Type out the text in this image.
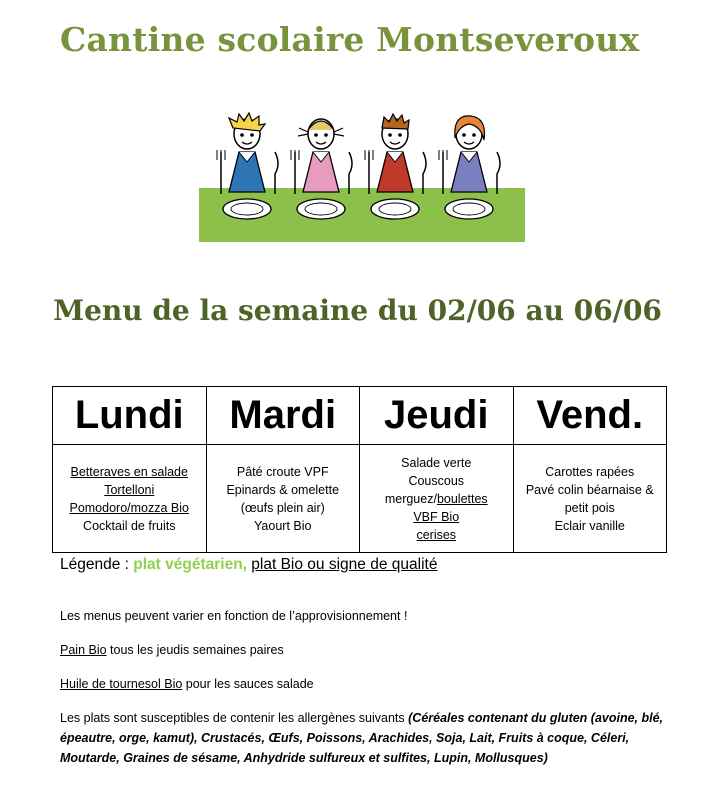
Cantine scolaire Montseveroux
Menu de la semaine du 02/06 au 06/06
Lundi	Mardi	Jeudi	Vend.

Betteraves en salade
Tortelloni
Pomodoro/mozza Bio
Cocktail de fruits	Pâté croute VPF
Epinards & omelette
(œufs plein air)
Yaourt Bio	Salade verte
Couscous
merguez/boulettes
VBF Bio
cerises	Carottes rapées
Pavé colin béarnaise &
petit pois
Eclair vanille
Légende : plat végétarien, plat Bio ou signe de qualité

Les menus peuvent varier en fonction de l’approvisionnement !

Pain Bio tous les jeudis semaines paires

Huile de tournesol Bio pour les sauces salade

Les plats sont susceptibles de contenir les allergènes suivants (Céréales contenant du gluten (avoine, blé, épeautre, orge, kamut), Crustacés, Œufs, Poissons, Arachides, Soja, Lait, Fruits à coque, Céleri, Moutarde, Graines de sésame, Anhydride sulfureux et sulfites, Lupin, Mollusques)
